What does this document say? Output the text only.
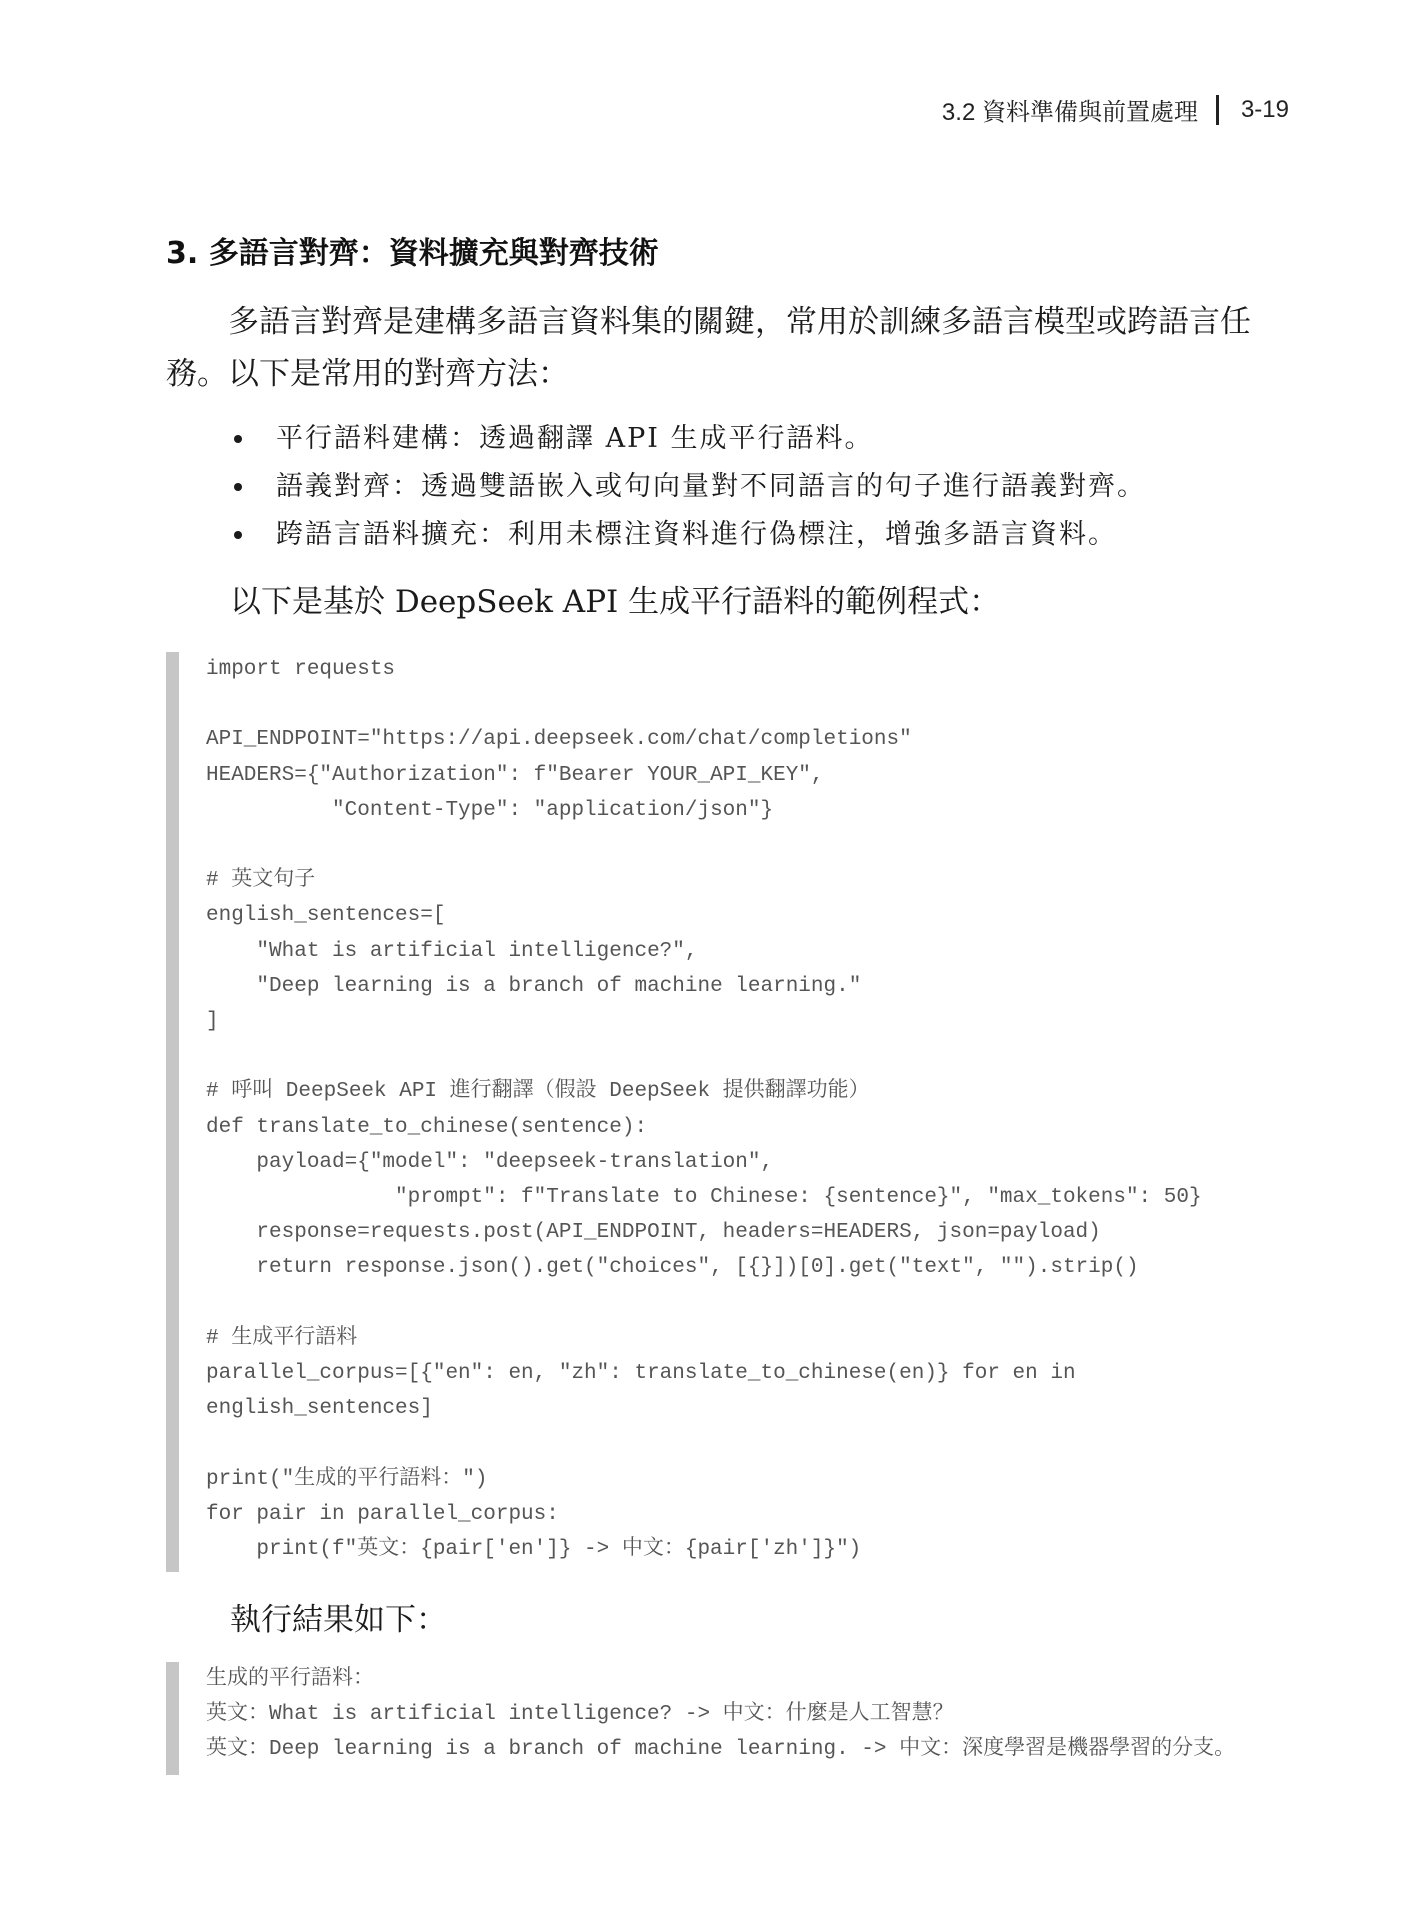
3.2 資料準備與前置處理 3-19
3. 多語言對齊：資料擴充與對齊技術
多語言對齊是建構多語言資料集的關鍵，常用於訓練多語言模型或跨語言任務。以下是常用的對齊方法：
平行語料建構：透過翻譯 API 生成平行語料。
語義對齊：透過雙語嵌入或句向量對不同語言的句子進行語義對齊。
跨語言語料擴充：利用未標注資料進行偽標注，增強多語言資料。
以下是基於 DeepSeek API 生成平行語料的範例程式：
import requests

API_ENDPOINT="https://api.deepseek.com/chat/completions"
HEADERS={"Authorization": f"Bearer YOUR_API_KEY",
"Content-Type": "application/json"}

# 英文句子
english_sentences=[
"What is artificial intelligence?",
"Deep learning is a branch of machine learning."
]

# 呼叫 DeepSeek API 進行翻譯（假設 DeepSeek 提供翻譯功能）
def translate_to_chinese(sentence):
payload={"model": "deepseek-translation",
"prompt": f"Translate to Chinese: {sentence}", "max_tokens": 50}
response=requests.post(API_ENDPOINT, headers=HEADERS, json=payload)
return response.json().get("choices", [{}])[0].get("text", "").strip()

# 生成平行語料
parallel_corpus=[{"en": en, "zh": translate_to_chinese(en)} for en in
english_sentences]

print("生成的平行語料：")
for pair in parallel_corpus:
print(f"英文：{pair['en']} -> 中文：{pair['zh']}")

執行結果如下：
生成的平行語料：
英文：What is artificial intelligence? -> 中文：什麼是人工智慧？
英文：Deep learning is a branch of machine learning. -> 中文：深度學習是機器學習的分支。
